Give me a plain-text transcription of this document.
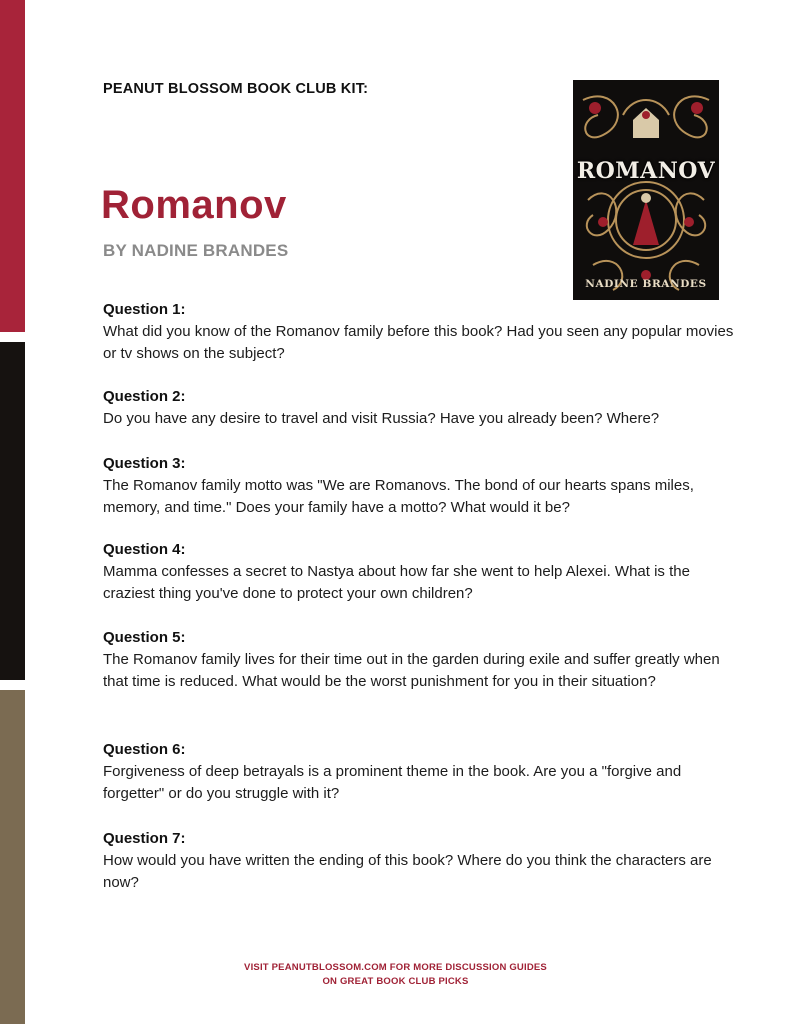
PEANUT BLOSSOM BOOK CLUB KIT:
Romanov
BY NADINE BRANDES
ROMANOV
NADINE BRANDES
Question 1:
What did you know of the Romanov family before this book? Had you seen any popular movies or tv shows on the subject?
Question 2:
Do you have any desire to travel and visit Russia? Have you already been? Where?
Question 3:
The Romanov family motto was "We are Romanovs. The bond of our hearts spans miles, memory, and time." Does your family have a motto? What would it be?
Question 4:
Mamma confesses a secret to Nastya about how far she went to help Alexei. What is the craziest thing you've done to protect your own children?
Question 5:
The Romanov family lives for their time out in the garden during exile and suffer greatly when that time is reduced. What would be the worst punishment for you in their situation?
Question 6:
Forgiveness of deep betrayals is a prominent theme in the book. Are you a "forgive and forgetter" or do you struggle with it?
Question 7:
How would you have written the ending of this book? Where do you think the characters are now?
VISIT PEANUTBLOSSOM.COM FOR MORE DISCUSSION GUIDES
ON GREAT BOOK CLUB PICKS
